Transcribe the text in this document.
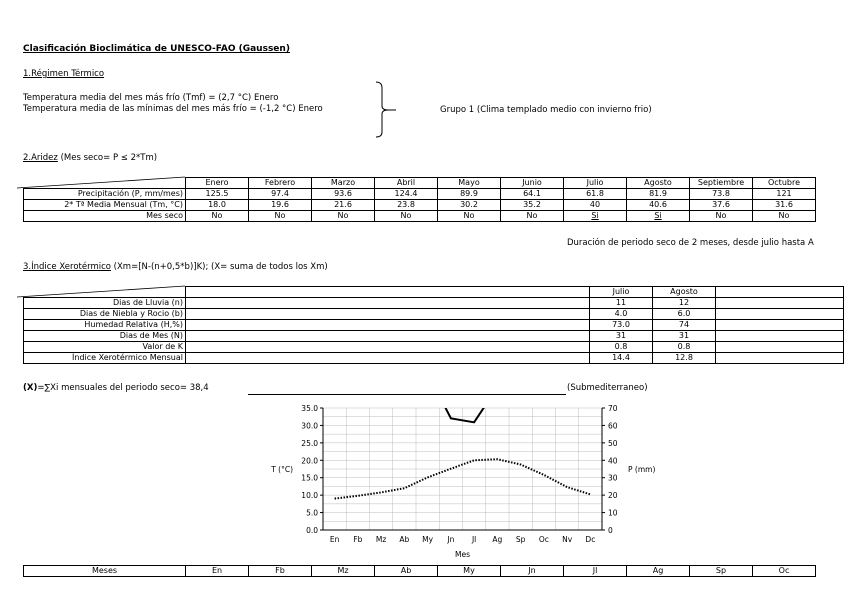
Clasificación Bioclimática de UNESCO-FAO (Gaussen)
1.Régimen Térmico
Temperatura media del mes más frío (Tmf) = (2,7 °C) Enero
Temperatura media de las mínimas del mes más frío = (-1,2 °C) Enero	Grupo 1 (Clima templado medio con invierno frio)
2.Aridez (Mes seco= P ≤ 2*Tm)
	Enero	Febrero	Marzo	Abril	Mayo	Junio	Julio	Agosto	Septiembre	Octubre
Precipitación (P, mm/mes)	125.5	97.4	93.6	124.4	89.9	64.1	61.8	81.9	73.8	121
2* Tª Media Mensual (Tm, °C)	18.0	19.6	21.6	23.8	30.2	35.2	40	40.6	37.6	31.6
Mes seco	No	No	No	No	No	No	Si	Si	No	No
Duración de periodo seco de 2 meses, desde julio hasta A
3.Índice Xerotérmico (Xm=[N-(n+0,5*b)]K); (X= suma de todos los Xm)
		Julio	Agosto	
Dias de Lluvia (n)		11	12	
Dias de Niebla y Rocio (b)		4.0	6.0	
Humedad Relativa (H,%)		73.0	74	
Dias de Mes (N)		31	31	
Valor de K		0.8	0.8	
Índice Xerotérmico Mensual		14.4	12.8	
(X)=∑Xi mensuales del periodo seco= 38,4	(Submediterraneo)
0.0
5.0
10.0
15.0
20.0
25.0
30.0
35.0
0
10
20
30
40
50
60
70
En Fb Mz Ab My Jn Jl Ag Sp Oc Nv Dc
Mes
T (°C)	P (mm)
Meses	En	Fb	Mz	Ab	My	Jn	Jl	Ag	Sp	Oc
